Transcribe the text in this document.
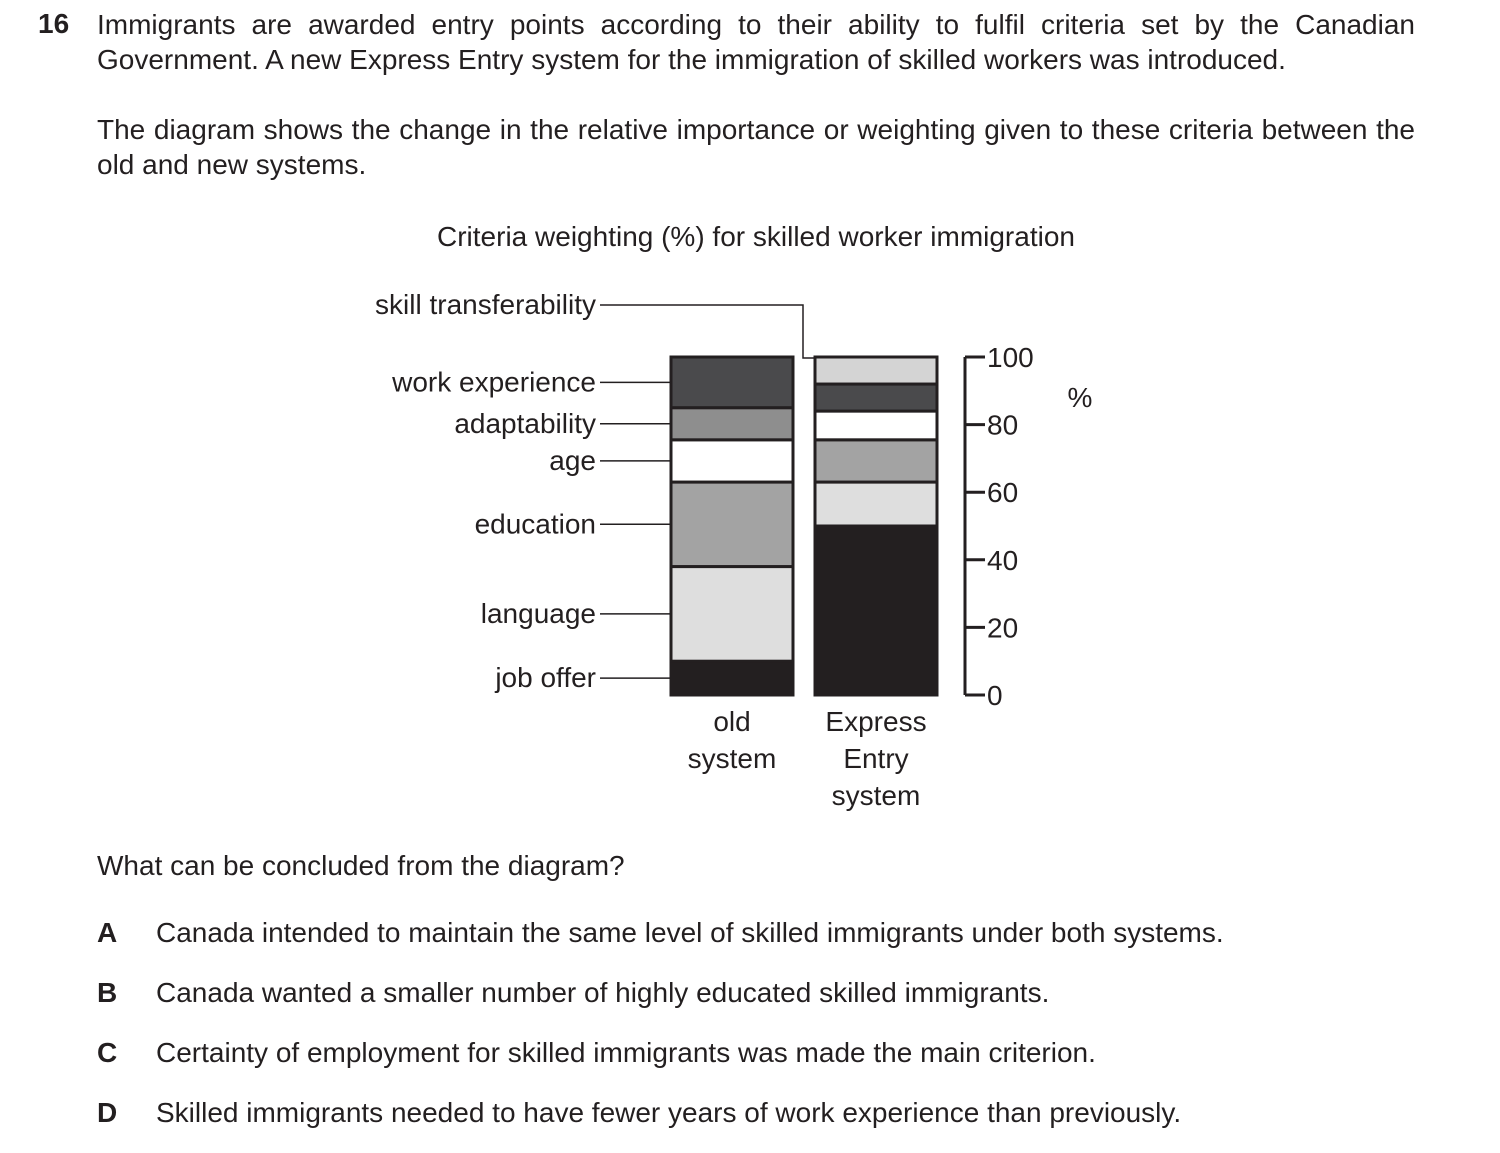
16 Immigrants are awarded entry points according to their ability to fulfil criteria set by the Canadian Government. A new Express Entry system for the immigration of skilled workers was introduced.

The diagram shows the change in the relative importance or weighting given to these criteria between the old and new systems.

Criteria weighting (%) for skilled worker immigration
old
system
Express
Entry
system
0
20
40
60
80
100
%
job offer
language
education
age
adaptability
work experience
skill transferability

What can be concluded from the diagram?

A Canada intended to maintain the same level of skilled immigrants under both systems.
B Canada wanted a smaller number of highly educated skilled immigrants.
C Certainty of employment for skilled immigrants was made the main criterion.
D Skilled immigrants needed to have fewer years of work experience than previously.
